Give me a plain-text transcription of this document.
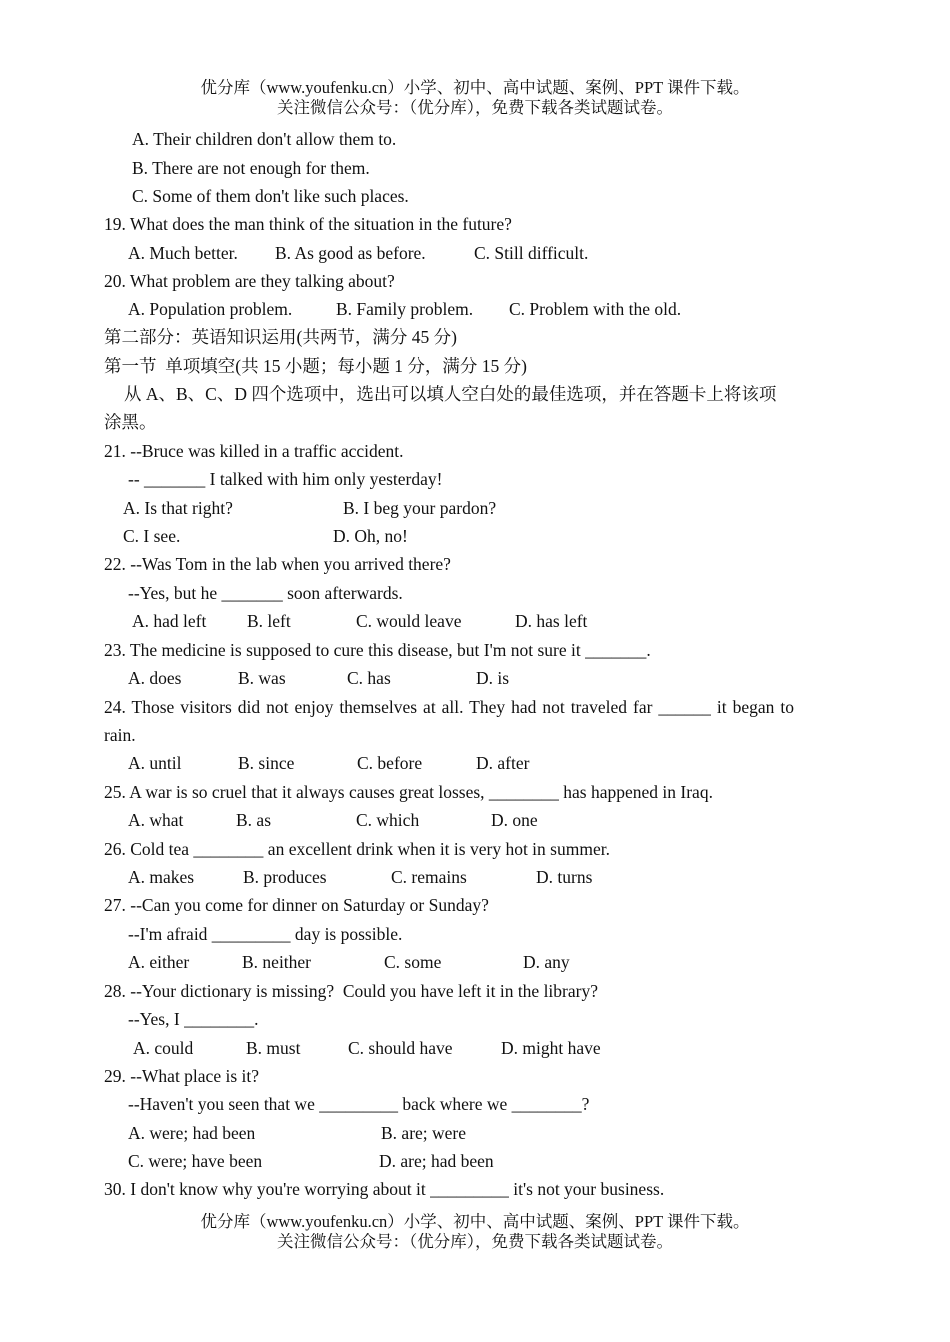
优分库（www.youfenku.cn）小学、初中、高中试题、案例、PPT 课件下载。
关注微信公众号：（优分库），免费下载各类试题试卷。
A. Their children don't allow them to.
B. There are not enough for them.
C. Some of them don't like such places.
19. What does the man think of the situation in the future?
A. Much better. B. As good as before.	C. Still difficult.
20. What problem are they talking about?
A. Population problem. B. Family problem. C. Problem with the old.
第二部分：英语知识运用(共两节，满分 45 分)
第一节  单项填空(共 15 小题；每小题 1 分，满分 15 分)
从 A、B、C、D 四个选项中，选出可以填人空白处的最佳选项，并在答题卡上将该项
涂黑。
21. --Bruce was killed in a traffic accident.
-- _______ I talked with him only yesterday!
A. Is that right?	B. I beg your pardon?
C. I see.	D. Oh, no!
22. --Was Tom in the lab when you arrived there?
--Yes, but he _______ soon afterwards.
A. had left B. left	C. would leave	D. has left
23. The medicine is supposed to cure this disease, but I'm not sure it _______.
A. does	B. was	C. has	D. is
24. Those visitors did not enjoy themselves at all. They had not traveled far ______ it began to
rain.
A. until	B. since	C. before	D. after
25. A war is so cruel that it always causes great losses, ________ has happened in Iraq.
A. what	B. as	C. which	D. one
26. Cold tea ________ an excellent drink when it is very hot in summer.
A. makes	B. produces	C. remains	D. turns
27. --Can you come for dinner on Saturday or Sunday?
--I'm afraid _________ day is possible.
A. either	B. neither	C. some	D. any
28. --Your dictionary is missing?  Could you have left it in the library?
--Yes, I ________.
A. could	B. must	C. should have	D. might have
29. --What place is it?
--Haven't you seen that we _________ back where we ________?
A. were; had been	B. are; were
C. were; have been	D. are; had been
30. I don't know why you're worrying about it _________ it's not your business.
优分库（www.youfenku.cn）小学、初中、高中试题、案例、PPT 课件下载。
关注微信公众号：（优分库），免费下载各类试题试卷。
